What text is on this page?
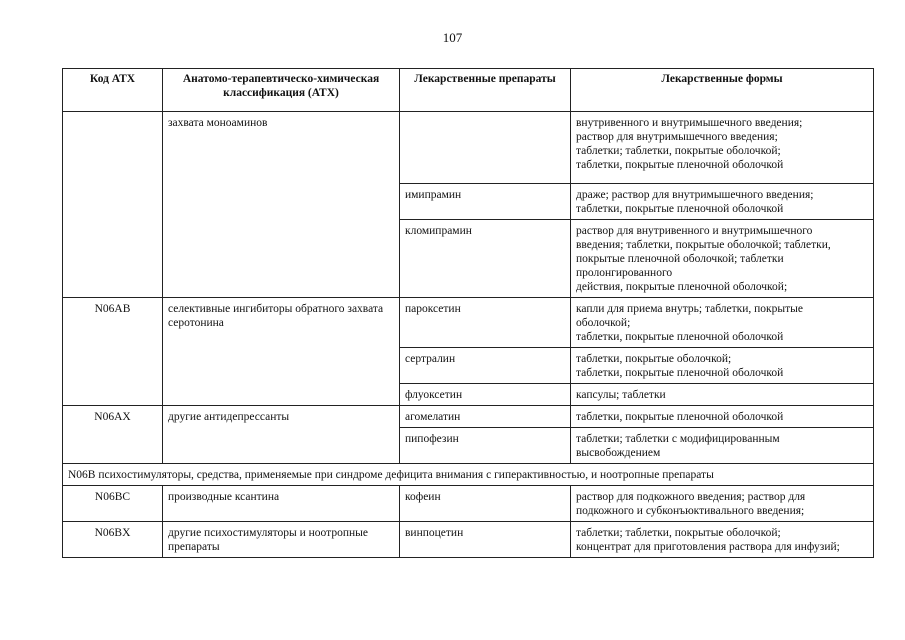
107
Код АТХ	Анатомо-терапевтическо-химическая классификация (АТХ)	Лекарственные препараты	Лекарственные формы
	захвата моноаминов		внутривенного и внутримышечного введения;
раствор для внутримышечного введения;
таблетки; таблетки, покрытые оболочкой;
таблетки, покрытые пленочной оболочкой

		имипрамин	драже; раствор для внутримышечного введения;
таблетки, покрытые пленочной оболочкой

		кломипрамин	раствор для внутривенного и внутримышечного
введения; таблетки, покрытые оболочкой; таблетки,
покрытые пленочной оболочкой; таблетки
пролонгированного
действия, покрытые пленочной оболочкой;

N06AB	селективные ингибиторы обратного захвата серотонина	пароксетин	капли для приема внутрь; таблетки, покрытые
оболочкой;
таблетки, покрытые пленочной оболочкой

		сертралин	таблетки, покрытые оболочкой;
таблетки, покрытые пленочной оболочкой

		флуоксетин	капсулы; таблетки

N06AX	другие антидепрессанты	агомелатин	таблетки, покрытые пленочной оболочкой

		пипофезин	таблетки; таблетки с модифицированным
высвобождением

N06B психостимуляторы, средства, применяемые при синдроме дефицита внимания с гиперактивностью, и ноотропные препараты			
N06BC	производные ксантина	кофеин	раствор для подкожного введения; раствор для
подкожного и субконъюктивального введения;

N06BX	другие психостимуляторы и ноотропные препараты	винпоцетин	таблетки; таблетки, покрытые оболочкой;
концентрат для приготовления раствора для инфузий;
